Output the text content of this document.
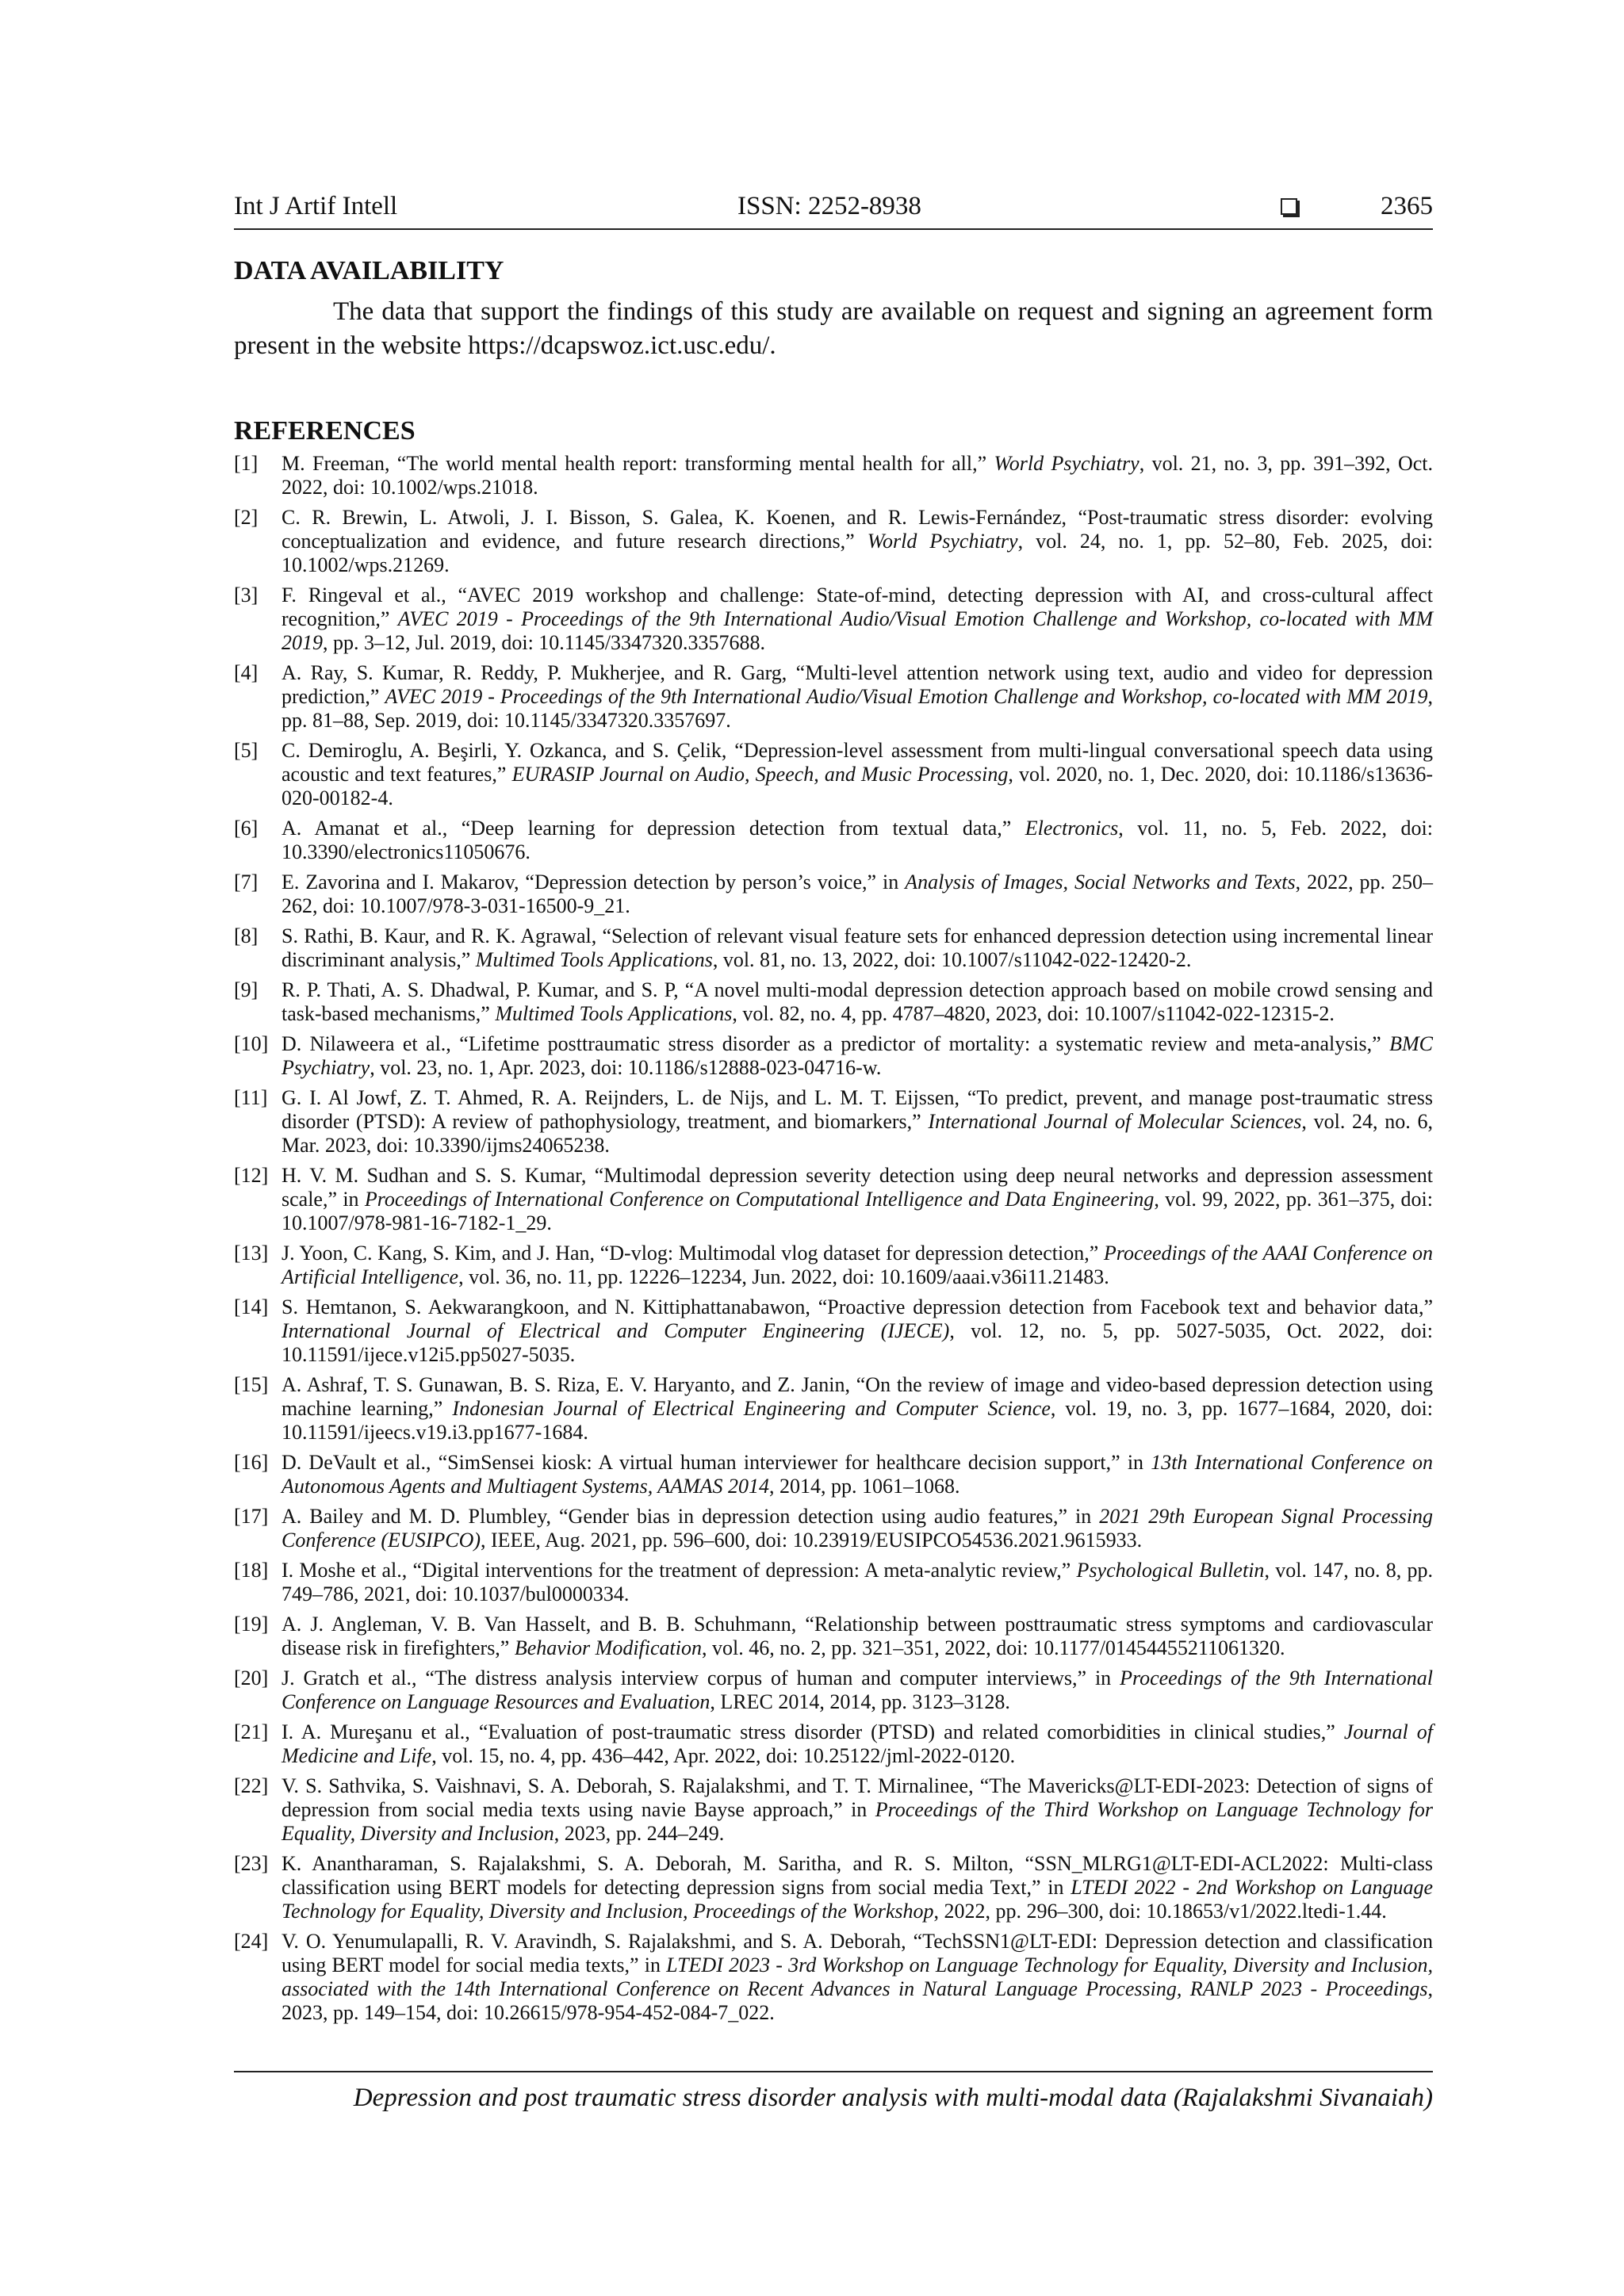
Int J Artif Intell	ISSN: 2252-8938	2365
DATA AVAILABILITY
The data that support the findings of this study are available on request and signing an agreement form present in the website https://dcapswoz.ict.usc.edu/.
REFERENCES
[1] M. Freeman, “The world mental health report: transforming mental health for all,” World Psychiatry, vol. 21, no. 3, pp. 391–392, Oct. 2022, doi: 10.1002/wps.21018.
[2] C. R. Brewin, L. Atwoli, J. I. Bisson, S. Galea, K. Koenen, and R. Lewis-Fernández, “Post-traumatic stress disorder: evolving conceptualization and evidence, and future research directions,” World Psychiatry, vol. 24, no. 1, pp. 52–80, Feb. 2025, doi: 10.1002/wps.21269.
[3] F. Ringeval et al., “AVEC 2019 workshop and challenge: State-of-mind, detecting depression with AI, and cross-cultural affect recognition,” AVEC 2019 - Proceedings of the 9th International Audio/Visual Emotion Challenge and Workshop, co-located with MM 2019, pp. 3–12, Jul. 2019, doi: 10.1145/3347320.3357688.
[4] A. Ray, S. Kumar, R. Reddy, P. Mukherjee, and R. Garg, “Multi-level attention network using text, audio and video for depression prediction,” AVEC 2019 - Proceedings of the 9th International Audio/Visual Emotion Challenge and Workshop, co-located with MM 2019, pp. 81–88, Sep. 2019, doi: 10.1145/3347320.3357697.
[5] C. Demiroglu, A. Beşirli, Y. Ozkanca, and S. Çelik, “Depression-level assessment from multi-lingual conversational speech data using acoustic and text features,” EURASIP Journal on Audio, Speech, and Music Processing, vol. 2020, no. 1, Dec. 2020, doi: 10.1186/s13636-020-00182-4.
[6] A. Amanat et al., “Deep learning for depression detection from textual data,” Electronics, vol. 11, no. 5, Feb. 2022, doi: 10.3390/electronics11050676.
[7] E. Zavorina and I. Makarov, “Depression detection by person’s voice,” in Analysis of Images, Social Networks and Texts, 2022, pp. 250–262, doi: 10.1007/978-3-031-16500-9_21.
[8] S. Rathi, B. Kaur, and R. K. Agrawal, “Selection of relevant visual feature sets for enhanced depression detection using incremental linear discriminant analysis,” Multimed Tools Applications, vol. 81, no. 13, 2022, doi: 10.1007/s11042-022-12420-2.
[9] R. P. Thati, A. S. Dhadwal, P. Kumar, and S. P, “A novel multi-modal depression detection approach based on mobile crowd sensing and task-based mechanisms,” Multimed Tools Applications, vol. 82, no. 4, pp. 4787–4820, 2023, doi: 10.1007/s11042-022-12315-2.
[10] D. Nilaweera et al., “Lifetime posttraumatic stress disorder as a predictor of mortality: a systematic review and meta-analysis,” BMC Psychiatry, vol. 23, no. 1, Apr. 2023, doi: 10.1186/s12888-023-04716-w.
[11] G. I. Al Jowf, Z. T. Ahmed, R. A. Reijnders, L. de Nijs, and L. M. T. Eijssen, “To predict, prevent, and manage post-traumatic stress disorder (PTSD): A review of pathophysiology, treatment, and biomarkers,” International Journal of Molecular Sciences, vol. 24, no. 6, Mar. 2023, doi: 10.3390/ijms24065238.
[12] H. V. M. Sudhan and S. S. Kumar, “Multimodal depression severity detection using deep neural networks and depression assessment scale,” in Proceedings of International Conference on Computational Intelligence and Data Engineering, vol. 99, 2022, pp. 361–375, doi: 10.1007/978-981-16-7182-1_29.
[13] J. Yoon, C. Kang, S. Kim, and J. Han, “D-vlog: Multimodal vlog dataset for depression detection,” Proceedings of the AAAI Conference on Artificial Intelligence, vol. 36, no. 11, pp. 12226–12234, Jun. 2022, doi: 10.1609/aaai.v36i11.21483.
[14] S. Hemtanon, S. Aekwarangkoon, and N. Kittiphattanabawon, “Proactive depression detection from Facebook text and behavior data,” International Journal of Electrical and Computer Engineering (IJECE), vol. 12, no. 5, pp. 5027-5035, Oct. 2022, doi: 10.11591/ijece.v12i5.pp5027-5035.
[15] A. Ashraf, T. S. Gunawan, B. S. Riza, E. V. Haryanto, and Z. Janin, “On the review of image and video-based depression detection using machine learning,” Indonesian Journal of Electrical Engineering and Computer Science, vol. 19, no. 3, pp. 1677–1684, 2020, doi: 10.11591/ijeecs.v19.i3.pp1677-1684.
[16] D. DeVault et al., “SimSensei kiosk: A virtual human interviewer for healthcare decision support,” in 13th International Conference on Autonomous Agents and Multiagent Systems, AAMAS 2014, 2014, pp. 1061–1068.
[17] A. Bailey and M. D. Plumbley, “Gender bias in depression detection using audio features,” in 2021 29th European Signal Processing Conference (EUSIPCO), IEEE, Aug. 2021, pp. 596–600, doi: 10.23919/EUSIPCO54536.2021.9615933.
[18] I. Moshe et al., “Digital interventions for the treatment of depression: A meta-analytic review,” Psychological Bulletin, vol. 147, no. 8, pp. 749–786, 2021, doi: 10.1037/bul0000334.
[19] A. J. Angleman, V. B. Van Hasselt, and B. B. Schuhmann, “Relationship between posttraumatic stress symptoms and cardiovascular disease risk in firefighters,” Behavior Modification, vol. 46, no. 2, pp. 321–351, 2022, doi: 10.1177/01454455211061320.
[20] J. Gratch et al., “The distress analysis interview corpus of human and computer interviews,” in Proceedings of the 9th International Conference on Language Resources and Evaluation, LREC 2014, 2014, pp. 3123–3128.
[21] I. A. Mureşanu et al., “Evaluation of post-traumatic stress disorder (PTSD) and related comorbidities in clinical studies,” Journal of Medicine and Life, vol. 15, no. 4, pp. 436–442, Apr. 2022, doi: 10.25122/jml-2022-0120.
[22] V. S. Sathvika, S. Vaishnavi, S. A. Deborah, S. Rajalakshmi, and T. T. Mirnalinee, “The Mavericks@LT-EDI-2023: Detection of signs of depression from social media texts using navie Bayse approach,” in Proceedings of the Third Workshop on Language Technology for Equality, Diversity and Inclusion, 2023, pp. 244–249.
[23] K. Anantharaman, S. Rajalakshmi, S. A. Deborah, M. Saritha, and R. S. Milton, “SSN_MLRG1@LT-EDI-ACL2022: Multi-class classification using BERT models for detecting depression signs from social media Text,” in LTEDI 2022 - 2nd Workshop on Language Technology for Equality, Diversity and Inclusion, Proceedings of the Workshop, 2022, pp. 296–300, doi: 10.18653/v1/2022.ltedi-1.44.
[24] V. O. Yenumulapalli, R. V. Aravindh, S. Rajalakshmi, and S. A. Deborah, “TechSSN1@LT-EDI: Depression detection and classification using BERT model for social media texts,” in LTEDI 2023 - 3rd Workshop on Language Technology for Equality, Diversity and Inclusion, associated with the 14th International Conference on Recent Advances in Natural Language Processing, RANLP 2023 - Proceedings, 2023, pp. 149–154, doi: 10.26615/978-954-452-084-7_022.
Depression and post traumatic stress disorder analysis with multi-modal data (Rajalakshmi Sivanaiah)
